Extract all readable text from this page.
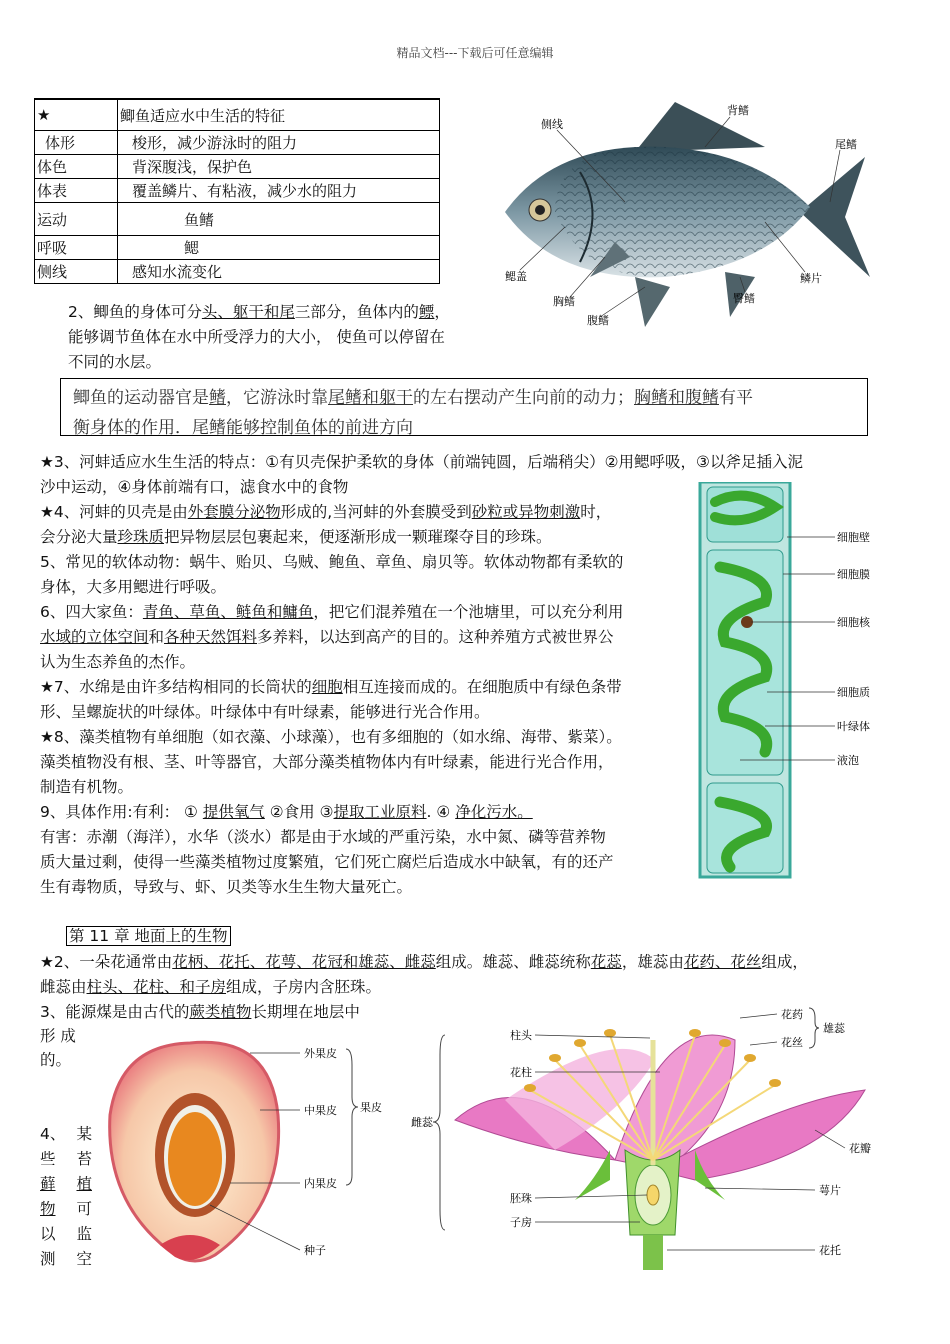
精品文档---下载后可任意编辑
★	鲫鱼适应水中生活的特征
体形	梭形，减少游泳时的阻力
体色	背深腹浅，保护色
体表	覆盖鳞片、有粘液，减少水的阻力
运动	鱼鳍
呼吸	鳃
侧线	感知水流变化
侧线
背鳍
尾鳍
鳞片
鳃盖
胸鳍	臀鳍
腹鳍
2、鲫鱼的身体可分头、躯干和尾三部分，鱼体内的鳔，
能够调节鱼体在水中所受浮力的大小， 使鱼可以停留在
不同的水层。
鲫鱼的运动器官是鳍，它游泳时靠尾鳍和躯干的左右摆动产生向前的动力；胸鳍和腹鳍有平
衡身体的作用．尾鳍能够控制鱼体的前进方向
★3、河蚌适应水生生活的特点：①有贝壳保护柔软的身体（前端钝圆，后端稍尖）②用鳃呼吸，③以斧足插入泥
沙中运动，④身体前端有口，滤食水中的食物
★4、河蚌的贝壳是由外套膜分泌物形成的,当河蚌的外套膜受到砂粒或异物刺激时，
会分泌大量珍珠质把异物层层包裹起来，便逐渐形成一颗璀璨夺目的珍珠。
5、常见的软体动物：蜗牛、贻贝、乌贼、鲍鱼、章鱼、扇贝等。软体动物都有柔软的
身体，大多用鳃进行呼吸。
6、四大家鱼：青鱼、草鱼、鲢鱼和鳙鱼，把它们混养殖在一个池塘里，可以充分利用
水域的立体空间和各种天然饵料多养料，以达到高产的目的。这种养殖方式被世界公
认为生态养鱼的杰作。
★7、水绵是由许多结构相同的长筒状的细胞相互连接而成的。在细胞质中有绿色条带
形、呈螺旋状的叶绿体。叶绿体中有叶绿素，能够进行光合作用。
★8、藻类植物有单细胞（如衣藻、小球藻），也有多细胞的（如水绵、海带、紫菜）。
藻类植物没有根、茎、叶等器官，大部分藻类植物体内有叶绿素，能进行光合作用，
制造有机物。
9、具体作用:有利： ① 提供氧气 ②食用 ③提取工业原料. ④ 净化污水。
有害：赤潮（海洋），水华（淡水）都是由于水域的严重污染，水中氮、磷等营养物
质大量过剩，使得一些藻类植物过度繁殖，它们死亡腐烂后造成水中缺氧，有的还产
生有毒物质，导致与、虾、贝类等水生生物大量死亡。
细胞壁
细胞膜
细胞核
细胞质
叶绿体
液泡
第 11 章 地面上的生物
★2、一朵花通常由花柄、花托、花萼、花冠和雄蕊、雌蕊组成。雄蕊、雌蕊统称花蕊，雄蕊由花药、花丝组成，
雌蕊由柱头、花柱、和子房组成，子房内含胚珠。
3、能源煤是由古代的蕨类植物长期埋在地层中
形 成
的。
4、 某
些 苔
藓 植
物 可
以 监
测 空
外果皮
中果皮 果皮
内果皮
种子
柱头
花柱
雌蕊
胚珠
子房
花药
花丝
雄蕊
花瓣
萼片
花托
